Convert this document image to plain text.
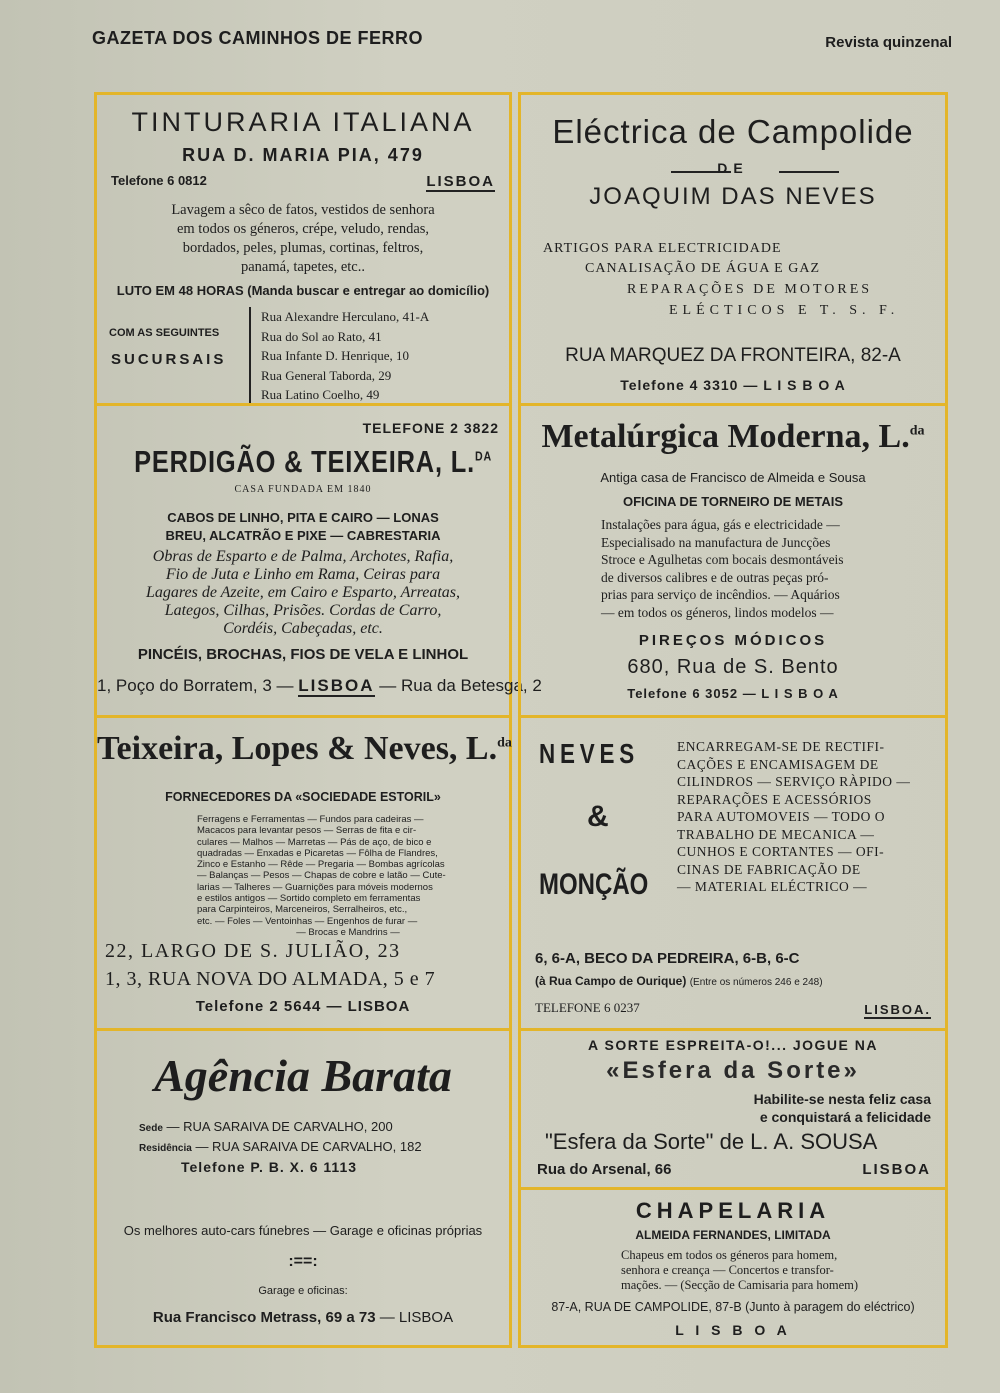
GAZETA DOS CAMINHOS DE FERRO	Revista quinzenal
TINTURARIA ITALIANA
RUA D. MARIA PIA, 479
Telefone 6 0812	LISBOA
Lavagem a sêco de fatos, vestidos de senhora
em todos os géneros, crépe, veludo, rendas,
bordados, peles, plumas, cortinas, feltros,
panamá, tapetes, etc..
LUTO EM 48 HORAS (Manda buscar e entregar ao domicílio)
COM AS SEGUINTES
SUCURSAIS
Rua Alexandre Herculano, 41-A
Rua do Sol ao Rato, 41
Rua Infante D. Henrique, 10
Rua General Taborda, 29
Rua Latino Coelho, 49
Eléctrica de Campolide
DE
JOAQUIM DAS NEVES
ARTIGOS PARA ELECTRICIDADE
CANALISAÇÃO DE ÁGUA E GAZ
REPARAÇÕES DE MOTORES
ELÉCTICOS E T. S. F.
RUA MARQUEZ DA FRONTEIRA, 82-A
Telefone 4 3310 — L I S B O A
TELEFONE 2 3822
PERDIGÃO & TEIXEIRA, L.$^{DA}$
CASA FUNDADA EM 1840
CABOS DE LINHO, PITA E CAIRO — LONAS
BREU, ALCATRÃO E PIXE — CABRESTARIA
Obras de Esparto e de Palma, Archotes, Rafia,
Fio de Juta e Linho em Rama, Ceiras para
Lagares de Azeite, em Cairo e Esparto, Arreatas,
Lategos, Cilhas, Prisões. Cordas de Carro,
Cordéis, Cabeçadas, etc.
PINCÉIS, BROCHAS, FIOS DE VELA E LINHOL
1, Poço do Borratem, 3 — LISBOA — Rua da Betesga, 2
Metalúrgica Moderna, L.$^{da}$
Antiga casa de Francisco de Almeida e Sousa
OFICINA DE TORNEIRO DE METAIS
Instalações para água, gás e electricidade —
Especialisado na manufactura de Juncções
Stroce e Agulhetas com bocais desmontáveis
de diversos calibres e de outras peças pró-
prias para serviço de incêndios. — Aquários
— em todos os géneros, lindos modelos —
PIREÇOS MÓDICOS
680, Rua de S. Bento
Telefone 6 3052 — L I S B O A
Teixeira, Lopes & Neves, L.$^{da}$
FORNECEDORES DA «SOCIEDADE ESTORIL»
Ferragens e Ferramentas — Fundos para cadeiras —
Macacos para levantar pesos — Serras de fita e cir-
culares — Malhos — Marretas — Pás de aço, de bico e
quadradas — Enxadas e Picaretas — Fôlha de Flandres,
Zinco e Estanho — Rêde — Pregaria — Bombas agrícolas
— Balanças — Pesos — Chapas de cobre e latão — Cute-
larias — Talheres — Guarnições para móveis modernos
e estilos antigos — Sortido completo em ferramentas
para Carpinteiros, Marceneiros, Serralheiros, etc.,
etc. — Foles — Ventoinhas — Engenhos de furar —
— Brocas e Mandrins —
22, LARGO DE S. JULIÃO, 23
1, 3, RUA NOVA DO ALMADA, 5 e 7
Telefone 2 5644 — LISBOA
NEVES
&
MONÇÃO
ENCARREGAM-SE DE RECTIFI-
CAÇÕES E ENCAMISAGEM DE
CILINDROS — SERVIÇO RÀPIDO —
REPARAÇÕES E ACESSÓRIOS
PARA AUTOMOVEIS — TODO O
TRABALHO DE MECANICA —
CUNHOS E CORTANTES — OFI-
CINAS DE FABRICAÇÃO DE
— MATERIAL ELÉCTRICO —
6, 6-A, BECO DA PEDREIRA, 6-B, 6-C
(à Rua Campo de Ourique) (Entre os números 246 e 248)
TELEFONE 6 0237	LISBOA.
Agência Barata
Sede — RUA SARAIVA DE CARVALHO, 200
Residência — RUA SARAIVA DE CARVALHO, 182
Telefone P. B. X. 6 1113
Os melhores auto-cars fúnebres — Garage e oficinas próprias
:==:
Garage e oficinas:
Rua Francisco Metrass, 69 a 73 — LISBOA
A SORTE ESPREITA-O!... JOGUE NA
«Esfera da Sorte»
Habilite-se nesta feliz casa
e conquistará a felicidade
"Esfera da Sorte" de L. A. SOUSA
Rua do Arsenal, 66	LISBOA
CHAPELARIA
ALMEIDA FERNANDES, LIMITADA
Chapeus em todos os géneros para homem,
senhora e creança — Concertos e transfor-
mações. — (Secção de Camisaria para homem)
87-A, RUA DE CAMPOLIDE, 87-B (Junto à paragem do eléctrico)
L I S B O A
